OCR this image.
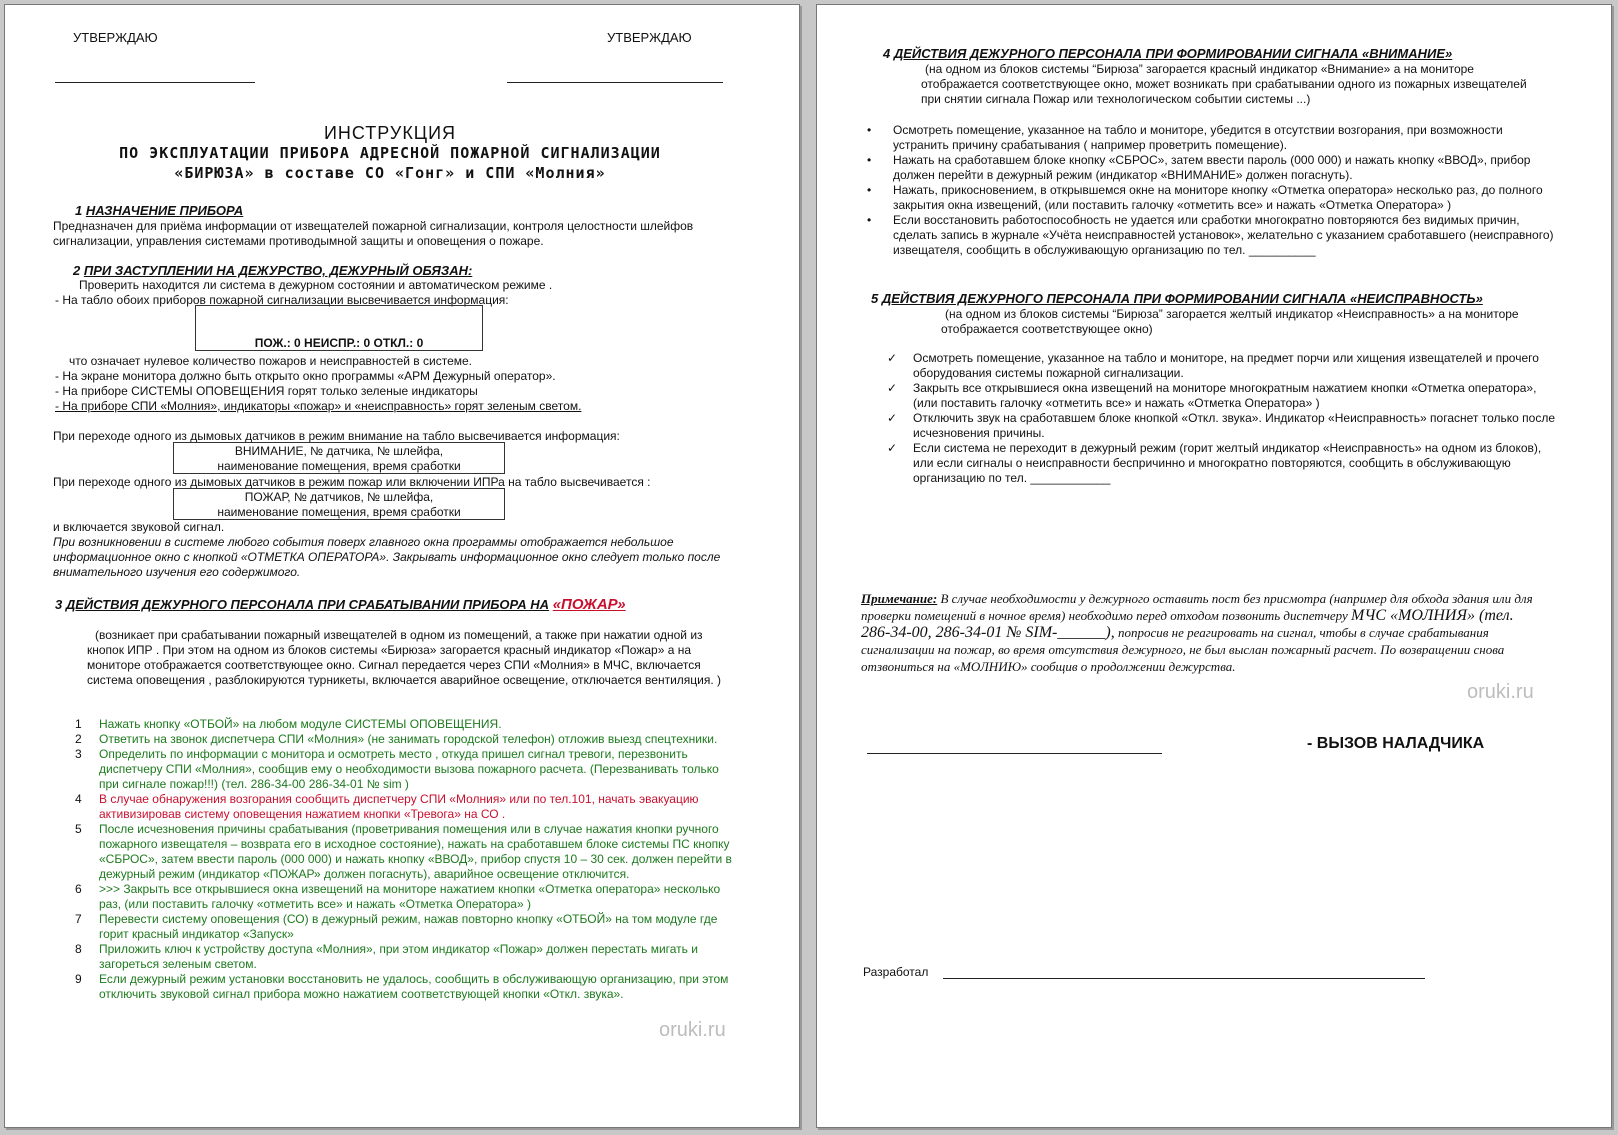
УТВЕРЖДАЮ	УТВЕРЖДАЮ
ИНСТРУКЦИЯ
ПО ЭКСПЛУАТАЦИИ ПРИБОРА АДРЕСНОЙ ПОЖАРНОЙ СИГНАЛИЗАЦИИ
«БИРЮЗА» в составе СО «Гонг» и СПИ «Молния»
1 НАЗНАЧЕНИЕ ПРИБОРА
Предназначен для приёма информации от извещателей пожарной сигнализации, контроля целостности шлейфов сигнализации, управления системами противодымной защиты и оповещения о пожаре.
2 ПРИ ЗАСТУПЛЕНИИ НА ДЕЖУРСТВО, ДЕЖУРНЫЙ ОБЯЗАН:
Проверить находится ли система в дежурном состоянии и автоматическом режиме .
- На табло обоих приборов пожарной сигнализации высвечивается информация:
ПОЖ.: 0 НЕИСПР.: 0 ОТКЛ.: 0
что означает нулевое количество пожаров и неисправностей в системе.
- На экране монитора должно быть открыто окно программы «АРМ Дежурный оператор».
- На приборе СИСТЕМЫ ОПОВЕЩЕНИЯ горят только зеленые индикаторы
- На приборе СПИ «Молния», индикаторы «пожар» и «неисправность» горят зеленым светом.
При переходе одного из дымовых датчиков в режим внимание на табло высвечивается информация:
ВНИМАНИЕ, № датчика, № шлейфа,
наименование помещения, время сработки
При переходе одного из дымовых датчиков в режим пожар или включении ИПРа на табло высвечивается :
ПОЖАР, № датчиков, № шлейфа,
наименование помещения, время сработки
и включается звуковой сигнал.
При возникновении в системе любого события поверх главного окна программы отображается небольшое информационное окно с кнопкой «ОТМЕТКА ОПЕРАТОРА». Закрывать информационное окно следует только после внимательного изучения его содержимого.
3 ДЕЙСТВИЯ ДЕЖУРНОГО ПЕРСОНАЛА ПРИ СРАБАТЫВАНИИ ПРИБОРА НА «ПОЖАР»
(возникает при срабатывании пожарный извещателей в одном из помещений, а также при нажатии одной из кнопок ИПР . При этом на одном из блоков системы «Бирюза» загорается красный индикатор «Пожар» а на мониторе отображается соответствующее окно. Сигнал передается через СПИ «Молния» в МЧС, включается система оповещения , разблокируются турникеты, включается аварийное освещение, отключается вентиляция. )
1 Нажать кнопку «ОТБОЙ» на любом модуле СИСТЕМЫ ОПОВЕЩЕНИЯ.
2 Ответить на звонок диспетчера СПИ «Молния» (не занимать городской телефон) отложив выезд спецтехники.
3 Определить по информации с монитора и осмотреть место , откуда пришел сигнал тревоги, перезвонить диспетчеру СПИ «Молния», сообщив ему о необходимости вызова пожарного расчета. (Перезванивать только при сигнале пожар!!!) (тел. 286-34-00 286-34-01 № sim )
4 В случае обнаружения возгорания сообщить диспетчеру СПИ «Молния» или по тел.101, начать эвакуацию активизировав систему оповещения нажатием кнопки «Тревога» на СО .
5 После исчезновения причины срабатывания (проветривания помещения или в случае нажатия кнопки ручного пожарного извещателя – возврата его в исходное состояние), нажать на сработавшем блоке системы ПС кнопку «СБРОС», затем ввести пароль (000 000) и нажать кнопку «ВВОД», прибор спустя 10 – 30 сек. должен перейти в дежурный режим (индикатор «ПОЖАР» должен погаснуть), аварийное освещение отключится.
6 >>> Закрыть все открывшиеся окна извещений на мониторе нажатием кнопки «Отметка оператора» несколько раз, (или поставить галочку «отметить все» и нажать «Отметка Оператора» )
7 Перевести систему оповещения (СО) в дежурный режим, нажав повторно кнопку «ОТБОЙ» на том модуле где горит красный индикатор «Запуск»
8 Приложить ключ к устройству доступа «Молния», при этом индикатор «Пожар» должен перестать мигать и загореться зеленым светом.
9 Если дежурный режим установки восстановить не удалось, сообщить в обслуживающую организацию, при этом отключить звуковой сигнал прибора можно нажатием соответствующей кнопки «Откл. звука».
oruki.ru
4 ДЕЙСТВИЯ ДЕЖУРНОГО ПЕРСОНАЛА ПРИ ФОРМИРОВАНИИ СИГНАЛА «ВНИМАНИЕ»
(на одном из блоков системы “Бирюза” загорается красный индикатор «Внимание» а на мониторе отображается соответствующее окно, может возникать при срабатывании одного из пожарных извещателей при снятии сигнала Пожар или технологическом событии системы ...)
• Осмотреть помещение, указанное на табло и мониторе, убедится в отсутствии возгорания, при возможности устранить причину срабатывания ( например проветрить помещение).
• Нажать на сработавшем блоке кнопку «СБРОС», затем ввести пароль (000 000) и нажать кнопку «ВВОД», прибор должен перейти в дежурный режим (индикатор «ВНИМАНИЕ» должен погаснуть).
• Нажать, прикосновением, в открывшемся окне на мониторе кнопку «Отметка оператора» несколько раз, до полного закрытия окна извещений, (или поставить галочку «отметить все» и нажать «Отметка Оператора» )
• Если восстановить работоспособность не удается или сработки многократно повторяются без видимых причин, сделать запись в журнале «Учёта неисправностей установок», желательно с указанием сработавшего (неисправного) извещателя, сообщить в обслуживающую организацию по тел. __________
5 ДЕЙСТВИЯ ДЕЖУРНОГО ПЕРСОНАЛА ПРИ ФОРМИРОВАНИИ СИГНАЛА «НЕИСПРАВНОСТЬ»
(на одном из блоков системы “Бирюза” загорается желтый индикатор «Неисправность» а на мониторе отображается соответствующее окно)
✓ Осмотреть помещение, указанное на табло и мониторе, на предмет порчи или хищения извещателей и прочего оборудования системы пожарной сигнализации.
✓ Закрыть все открывшиеся окна извещений на мониторе многократным нажатием кнопки «Отметка оператора», (или поставить галочку «отметить все» и нажать «Отметка Оператора» )
✓ Отключить звук на сработавшем блоке кнопкой «Откл. звука». Индикатор «Неисправность» погаснет только после исчезновения причины.
✓ Если система не переходит в дежурный режим (горит желтый индикатор «Неисправность» на одном из блоков), или если сигналы о неисправности беспричинно и многократно повторяются, сообщить в обслуживающую организацию по тел. ____________
Примечание: В случае необходимости у дежурного оставить пост без присмотра (например для обхода здания или для проверки помещений в ночное время) необходимо перед отходом позвонить диспетчеру МЧС «МОЛНИЯ» (тел. 286-34-00, 286-34-01 № SIM-______), попросив не реагировать на сигнал, чтобы в случае срабатывания сигнализации на пожар, во время отсутствия дежурного, не был выслан пожарный расчет. По возвращении снова отзвониться на «МОЛНИЮ» сообщив о продолжении дежурства.
oruki.ru
- ВЫЗОВ НАЛАДЧИКА
Разработал
